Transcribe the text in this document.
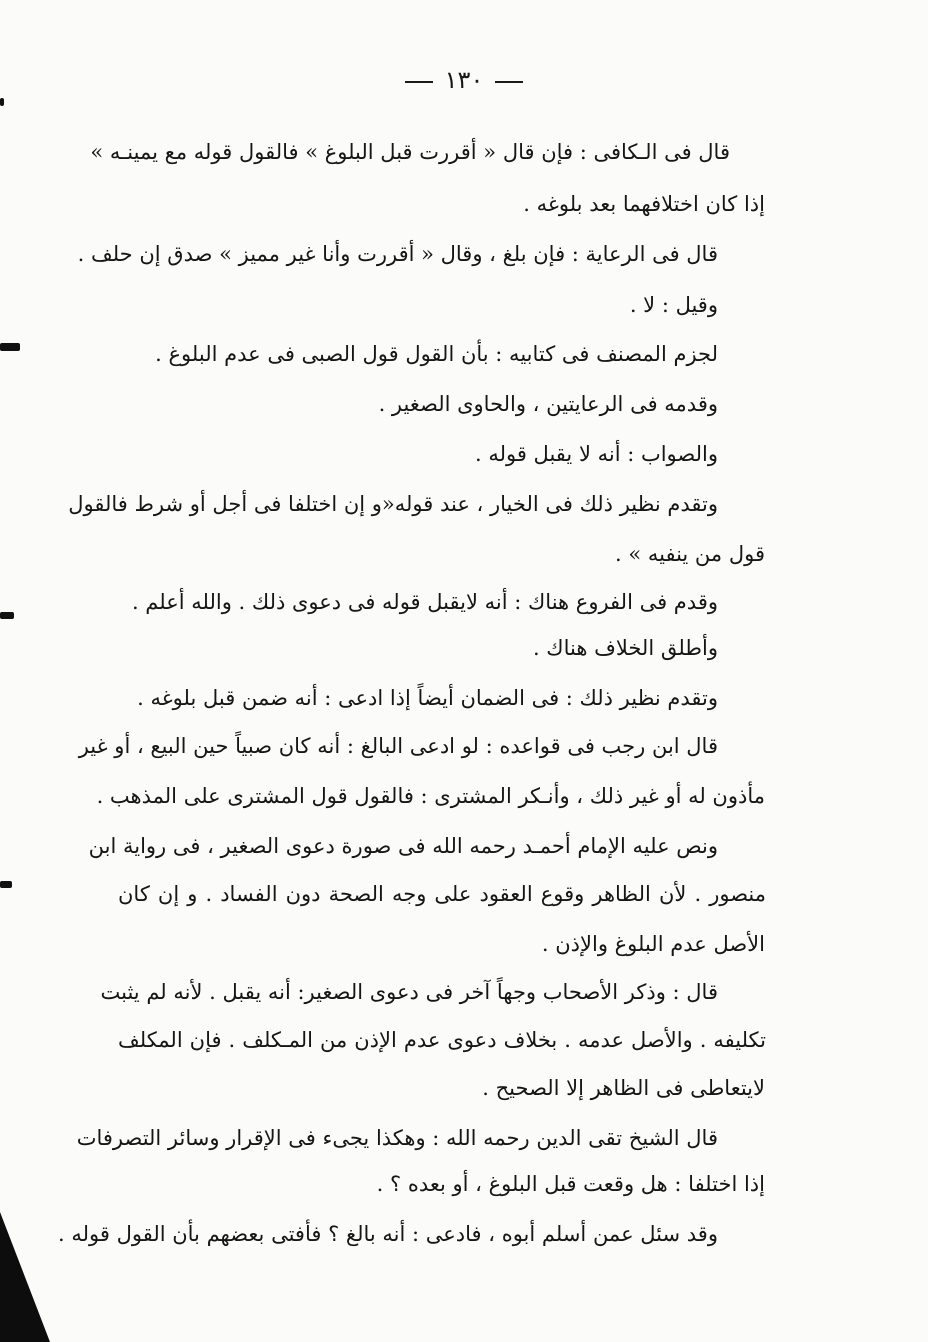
١٣٠
قال فى الـكافى : فإن قال « أقررت قبل البلوغ » فالقول قوله مع يمينـه »
إذا كان اختلافهما بعد بلوغه .
قال فى الرعاية : فإن بلغ ، وقال « أقررت وأنا غير مميز » صدق إن حلف .
وقيل : لا .
لجزم المصنف فى كتابيه : بأن القول قول الصبى فى عدم البلوغ .
وقدمه فى الرعايتين ، والحاوى الصغير .
والصواب : أنه لا يقبل قوله .
وتقدم نظير ذلك فى الخيار ، عند قوله«و إن اختلفا فى أجل أو شرط فالقول
قول من ينفيه » .
وقدم فى الفروع هناك : أنه لايقبل قوله فى دعوى ذلك . والله أعلم .
وأطلق الخلاف هناك .
وتقدم نظير ذلك : فى الضمان أيضاً إذا ادعى : أنه ضمن قبل بلوغه .
قال ابن رجب فى قواعده : لو ادعى البالغ : أنه كان صبياً حين البيع ، أو غير
مأذون له أو غير ذلك ، وأنـكر المشترى : فالقول قول المشترى على المذهب .
ونص عليه الإمام أحمـد رحمه الله فى صورة دعوى الصغير ، فى رواية ابن
منصور . لأن الظاهر وقوع العقود على وجه الصحة دون الفساد . و إن كان
الأصل عدم البلوغ والإذن .
قال : وذكر الأصحاب وجهاً آخر فى دعوى الصغير: أنه يقبل . لأنه لم يثبت
تكليفه . والأصل عدمه . بخلاف دعوى عدم الإذن من المـكلف . فإن المكلف
لايتعاطى فى الظاهر إلا الصحيح .
قال الشيخ تقى الدين رحمه الله : وهكذا يجىء فى الإقرار وسائر التصرفات
إذا اختلفا : هل وقعت قبل البلوغ ، أو بعده ؟ .
وقد سئل عمن أسلم أبوه ، فادعى : أنه بالغ ؟ فأفتى بعضهم بأن القول قوله .
